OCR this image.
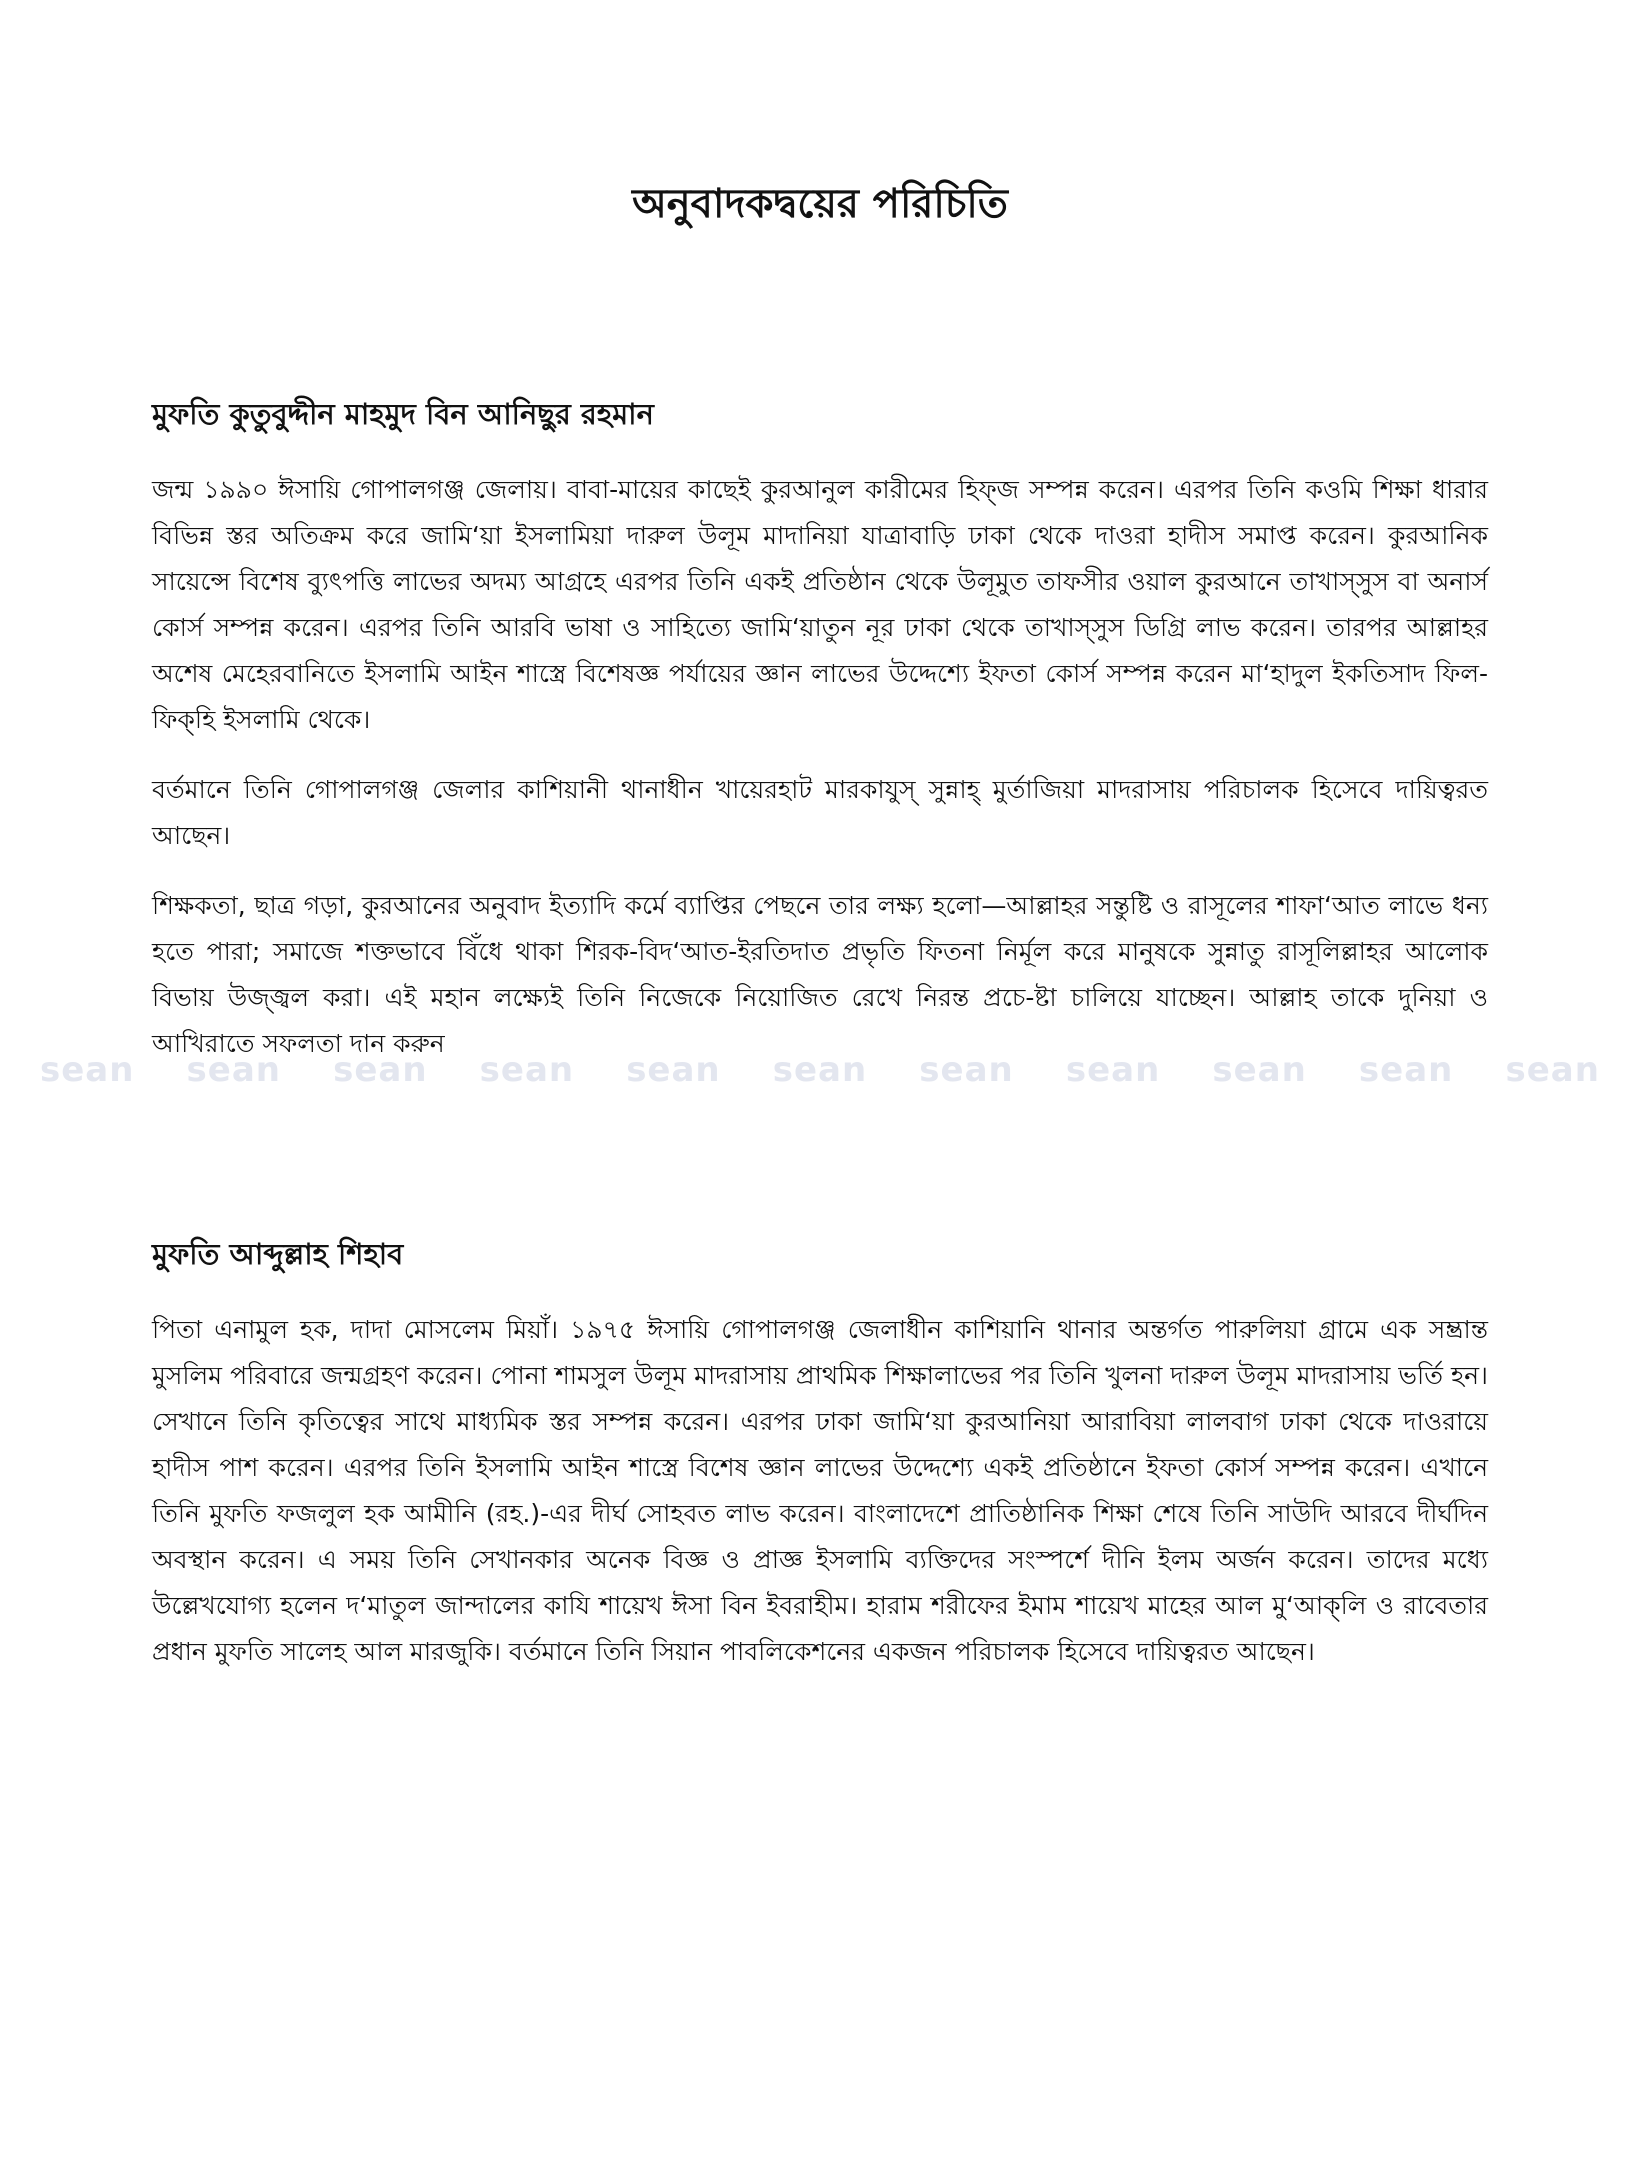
অনুবাদকদ্বয়ের পরিচিতি
মুফতি কুতুবুদ্দীন মাহমুদ বিন আনিছুর রহমান

জন্ম ১৯৯০ ঈসায়ি গোপালগঞ্জ জেলায়। বাবা-মায়ের কাছেই কুরআনুল কারীমের হিফ্‌জ সম্পন্ন করেন। এরপর তিনি কওমি শিক্ষা ধারার বিভিন্ন স্তর অতিক্রম করে জামি‘য়া ইসলামিয়া দারুল উলূম মাদানিয়া যাত্রাবাড়ি ঢাকা থেকে দাওরা হাদীস সমাপ্ত করেন। কুরআনিক সায়েন্সে বিশেষ ব্যুৎপত্তি লাভের অদম্য আগ্রহে এরপর তিনি একই প্রতিষ্ঠান থেকে উলূমুত তাফসীর ওয়াল কুরআনে তাখাস্‌সুস বা অনার্স কোর্স সম্পন্ন করেন। এরপর তিনি আরবি ভাষা ও সাহিত্যে জামি‘য়াতুন নূর ঢাকা থেকে তাখাস্‌সুস ডিগ্রি লাভ করেন। তারপর আল্লাহর অশেষ মেহেরবানিতে ইসলামি আইন শাস্ত্রে বিশেষজ্ঞ পর্যায়ের জ্ঞান লাভের উদ্দেশ্যে ইফতা কোর্স সম্পন্ন করেন মা‘হাদুল ইকতিসাদ ফিল-ফিক্‌হি ইসলামি থেকে।

বর্তমানে তিনি গোপালগঞ্জ জেলার কাশিয়ানী থানাধীন খায়েরহাট মারকাযুস্‌ সুন্নাহ্‌ মুর্তাজিয়া মাদরাসায় পরিচালক হিসেবে দায়িত্বরত আছেন।

শিক্ষকতা, ছাত্র গড়া, কুরআনের অনুবাদ ইত্যাদি কর্মে ব্যাপ্তির পেছনে তার লক্ষ্য হলো—আল্লাহর সন্তুষ্টি ও রাসূলের শাফা‘আত লাভে ধন্য হতে পারা; সমাজে শক্তভাবে বিঁধে থাকা শিরক-বিদ‘আত-ইরতিদাত প্রভৃতি ফিতনা নির্মূল করে মানুষকে সুন্নাতু রাসূলিল্লাহর আলোক বিভায় উজ্জ্বল করা। এই মহান লক্ষ্যেই তিনি নিজেকে নিয়োজিত রেখে নিরন্ত প্রচে-ষ্টা চালিয়ে যাচ্ছেন। আল্লাহ তাকে দুনিয়া ও আখিরাতে সফলতা দান করুন

sean sean sean sean sean sean sean sean sean sean sean
মুফতি আব্দুল্লাহ শিহাব

পিতা এনামুল হক, দাদা মোসলেম মিয়াঁ। ১৯৭৫ ঈসায়ি গোপালগঞ্জ জেলাধীন কাশিয়ানি থানার অন্তর্গত পারুলিয়া গ্রামে এক সম্ভ্রান্ত মুসলিম পরিবারে জন্মগ্রহণ করেন। পোনা শামসুল উলূম মাদরাসায় প্রাথমিক শিক্ষালাভের পর তিনি খুলনা দারুল উলূম মাদরাসায় ভর্তি হন। সেখানে তিনি কৃতিত্বের সাথে মাধ্যমিক স্তর সম্পন্ন করেন। এরপর ঢাকা জামি‘য়া কুরআনিয়া আরাবিয়া লালবাগ ঢাকা থেকে দাওরায়ে হাদীস পাশ করেন। এরপর তিনি ইসলামি আইন শাস্ত্রে বিশেষ জ্ঞান লাভের উদ্দেশ্যে একই প্রতিষ্ঠানে ইফতা কোর্স সম্পন্ন করেন। এখানে তিনি মুফতি ফজলুল হক আমীনি (রহ.)-এর দীর্ঘ সোহবত লাভ করেন। বাংলাদেশে প্রাতিষ্ঠানিক শিক্ষা শেষে তিনি সাউদি আরবে দীর্ঘদিন অবস্থান করেন। এ সময় তিনি সেখানকার অনেক বিজ্ঞ ও প্রাজ্ঞ ইসলামি ব্যক্তিদের সংস্পর্শে দীনি ইলম অর্জন করেন। তাদের মধ্যে উল্লেখযোগ্য হলেন দ‘মাতুল জান্দালের কাযি শায়েখ ঈসা বিন ইবরাহীম। হারাম শরীফের ইমাম শায়েখ মাহের আল মু‘আক্‌লি ও রাবেতার প্রধান মুফতি সালেহ আল মারজুকি। বর্তমানে তিনি সিয়ান পাবলিকেশনের একজন পরিচালক হিসেবে দায়িত্বরত আছেন।
